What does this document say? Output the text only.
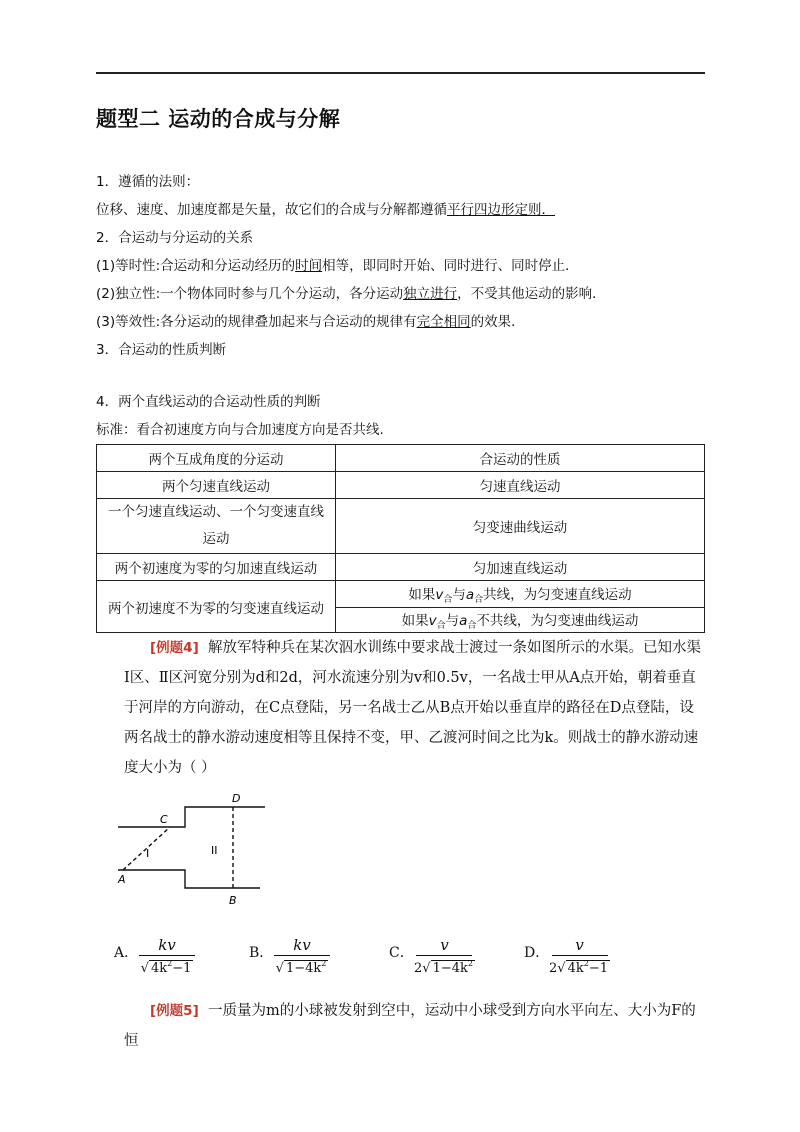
题型二 运动的合成与分解
1．遵循的法则：
位移、速度、加速度都是矢量，故它们的合成与分解都遵循平行四边形定则．
2．合运动与分运动的关系
(1)等时性:合运动和分运动经历的时间相等，即同时开始、同时进行、同时停止．
(2)独立性:一个物体同时参与几个分运动，各分运动独立进行，不受其他运动的影响．
(3)等效性:各分运动的规律叠加起来与合运动的规律有完全相同的效果．
3．合运动的性质判断
4．两个直线运动的合运动性质的判断
标准：看合初速度方向与合加速度方向是否共线.
两个互成角度的分运动	合运动的性质
两个匀速直线运动	匀速直线运动
一个匀速直线运动、一个匀变速直线运动	匀变速曲线运动
两个初速度为零的匀加速直线运动	匀加速直线运动
两个初速度不为零的匀变速直线运动	如果$v_合$与$a_合$共线，为匀变速直线运动
	如果$v_合$与$a_合$不共线，为匀变速曲线运动
[例题4] 解放军特种兵在某次泅水训练中要求战士渡过一条如图所示的水渠。已知水渠Ⅰ区、Ⅱ区河宽分别为d和2d，河水流速分别为v和0.5v，一名战士甲从A点开始，朝着垂直于河岸的方向游动，在C点登陆，另一名战士乙从B点开始以垂直岸的路径在D点登陆，设两名战士的静水游动速度相等且保持不变，甲、乙渡河时间之比为k。则战士的静水游动速度大小为（ ）
C
D
A
B
I	II
A． $\frac{kv}{√ 4k^2-1}$	B． $\frac{kv}{√ 1-4k^2}$	C． $\frac{v}{2√ 1-4k^2}$	D． $\frac{v}{2√ 4k^2-1}$
[例题5] 一质量为m的小球被发射到空中，运动中小球受到方向水平向左、大小为F的恒
